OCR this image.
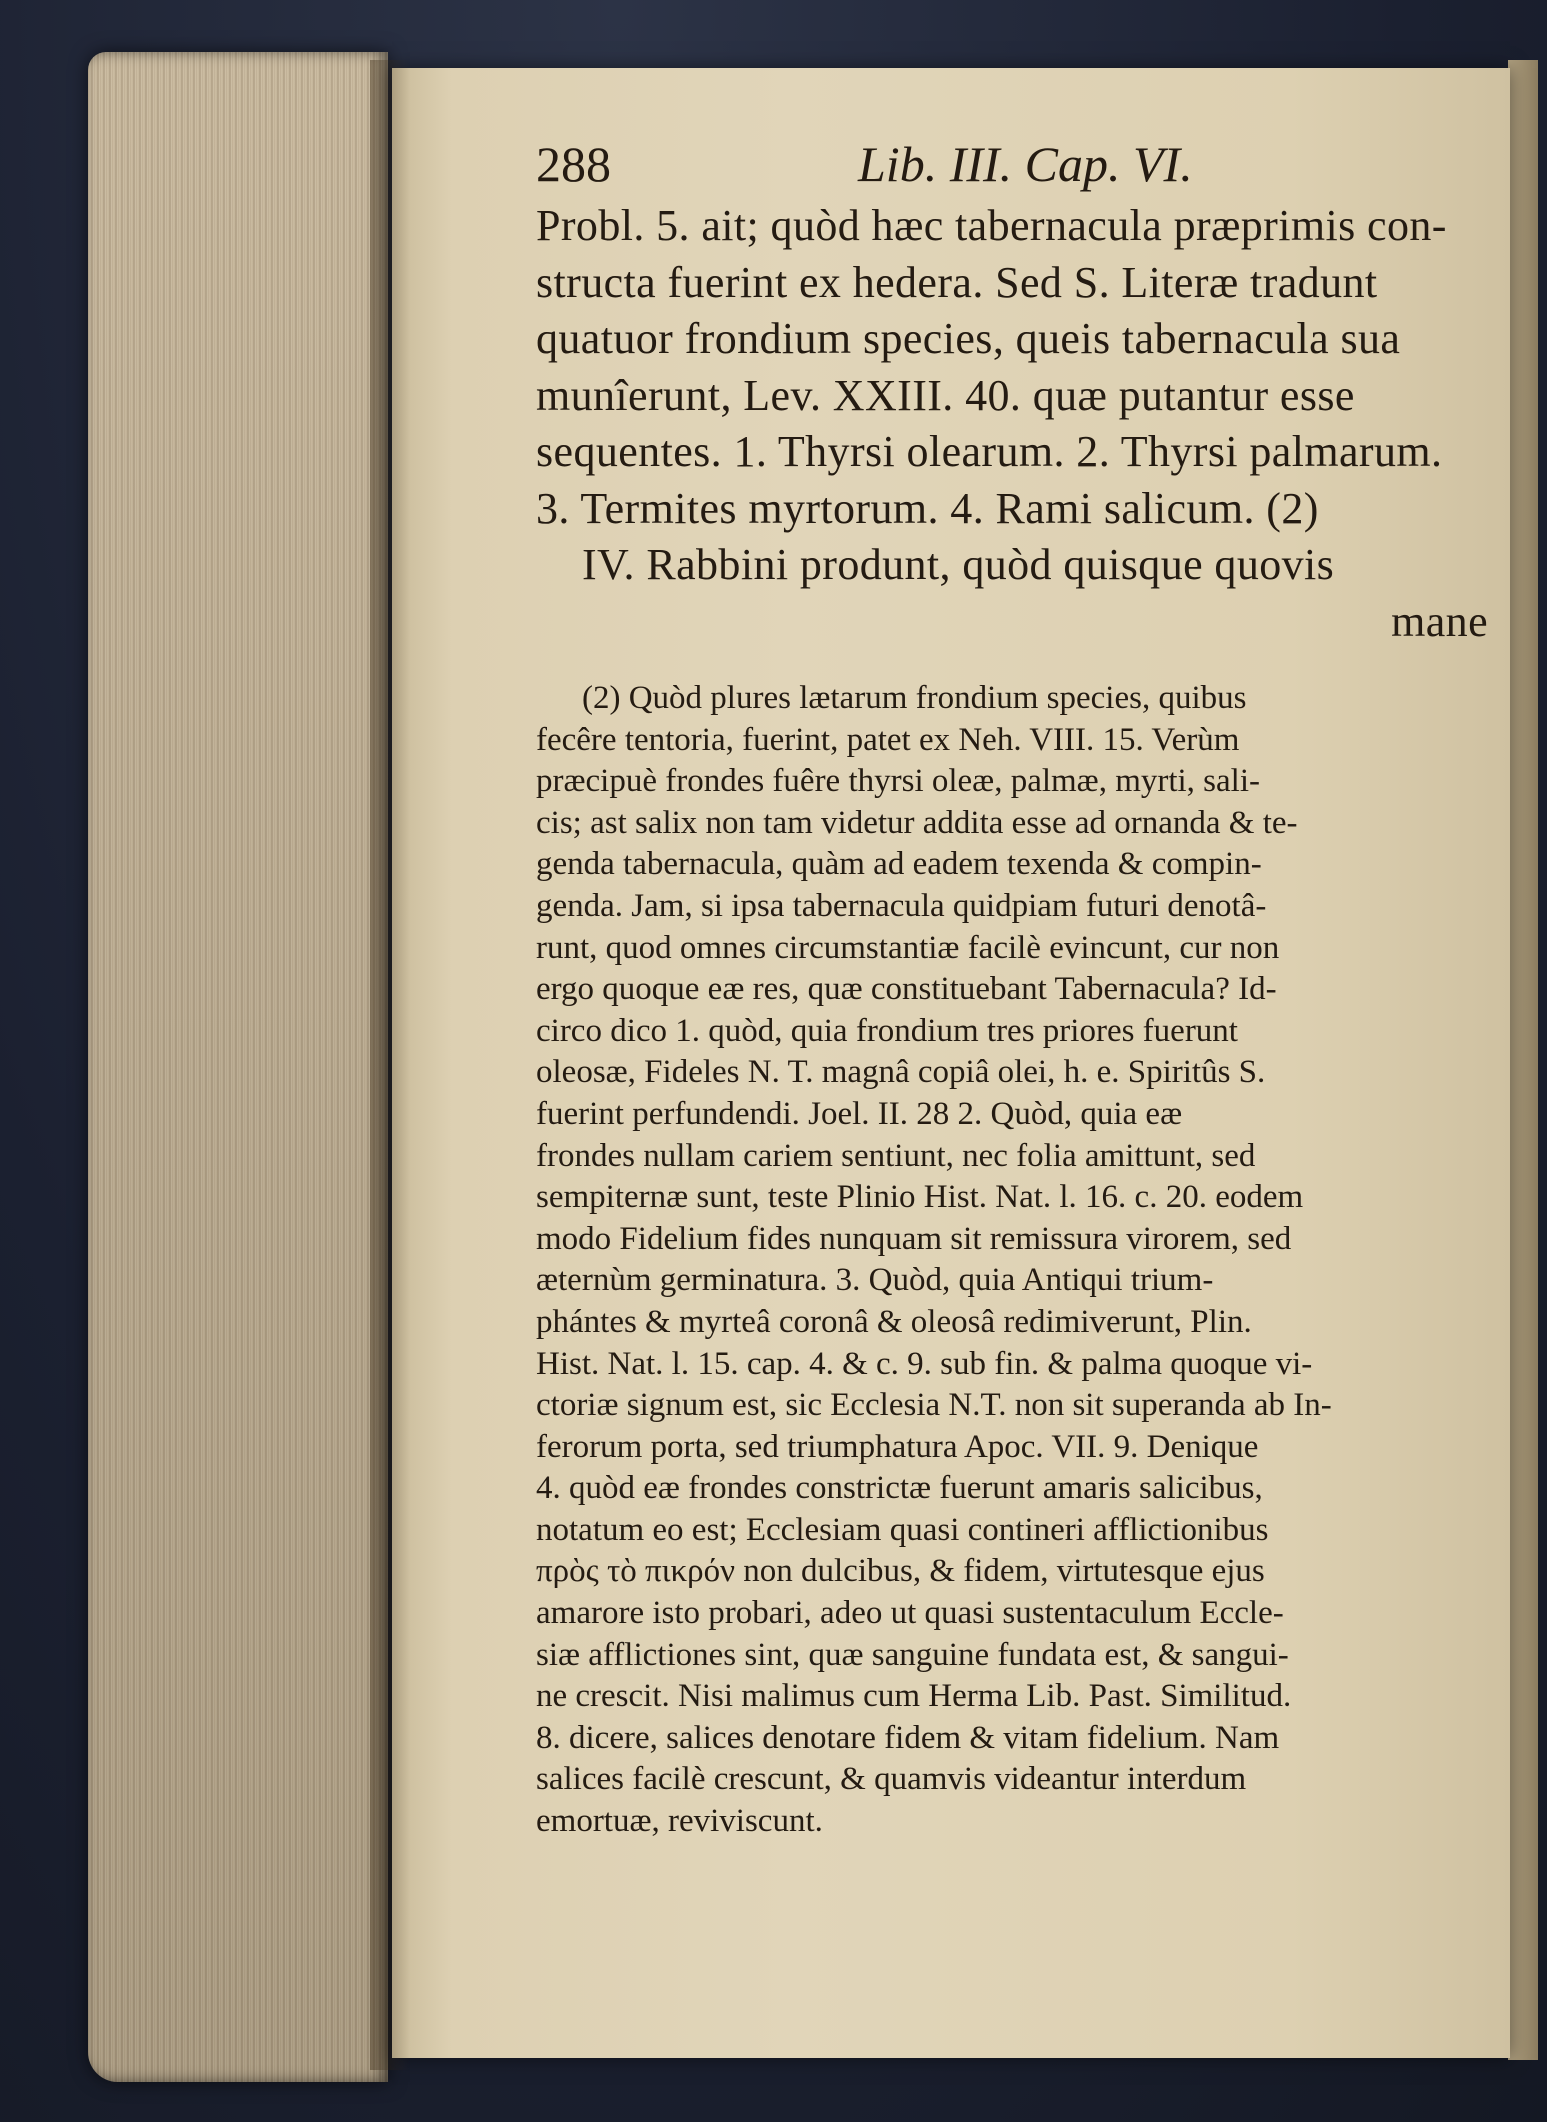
288	Lib. III. Cap. VI.
Probl. 5. ait; quòd hæc tabernacula præprimis con-
structa fuerint ex hedera. Sed S. Literæ tradunt
quatuor frondium species, queis tabernacula sua
munîerunt, Lev. XXIII. 40. quæ putantur esse
sequentes. 1. Thyrsi olearum. 2. Thyrsi palmarum.
3. Termites myrtorum. 4. Rami salicum. (2)
IV. Rabbini produnt, quòd quisque quovis
mane
(2) Quòd plures lætarum frondium species, quibus
fecêre tentoria, fuerint, patet ex Neh. VIII. 15. Verùm
præcipuè frondes fuêre thyrsi oleæ, palmæ, myrti, sali-
cis; ast salix non tam videtur addita esse ad ornanda & te-
genda tabernacula, quàm ad eadem texenda & compin-
genda. Jam, si ipsa tabernacula quidpiam futuri denotâ-
runt, quod omnes circumstantiæ facilè evincunt, cur non
ergo quoque eæ res, quæ constituebant Tabernacula? Id-
circo dico 1. quòd, quia frondium tres priores fuerunt
oleosæ, Fideles N. T. magnâ copiâ olei, h. e. Spiritûs S.
fuerint perfundendi. Joel. II. 28 2. Quòd, quia eæ
frondes nullam cariem sentiunt, nec folia amittunt, sed
sempiternæ sunt, teste Plinio Hist. Nat. l. 16. c. 20. eodem
modo Fidelium fides nunquam sit remissura virorem, sed
æternùm germinatura. 3. Quòd, quia Antiqui trium-
phántes & myrteâ coronâ & oleosâ redimiverunt, Plin.
Hist. Nat. l. 15. cap. 4. & c. 9. sub fin. & palma quoque vi-
ctoriæ signum est, sic Ecclesia N.T. non sit superanda ab In-
ferorum porta, sed triumphatura Apoc. VII. 9. Denique
4. quòd eæ frondes constrictæ fuerunt amaris salicibus,
notatum eo est; Ecclesiam quasi contineri afflictionibus
πρὸς τὸ πικρόν non dulcibus, & fidem, virtutesque ejus
amarore isto probari, adeo ut quasi sustentaculum Eccle-
siæ afflictiones sint, quæ sanguine fundata est, & sangui-
ne crescit. Nisi malimus cum Herma Lib. Past. Similitud.
8. dicere, salices denotare fidem & vitam fidelium. Nam
salices facilè crescunt, & quamvis videantur interdum
emortuæ, reviviscunt.
